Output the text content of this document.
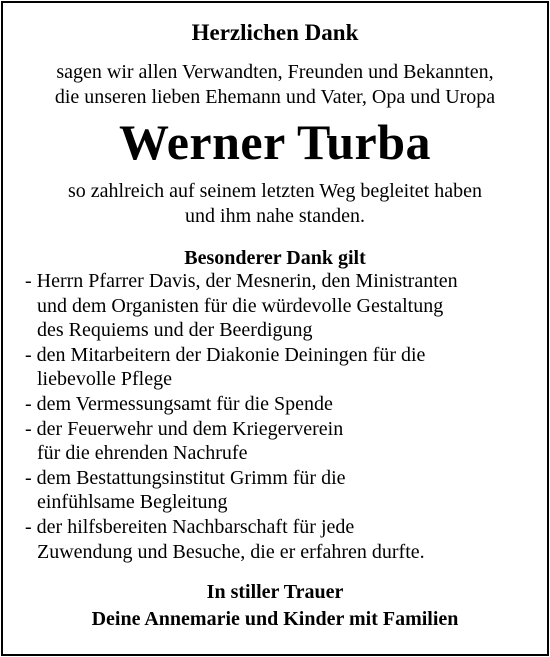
Herzlichen Dank
sagen wir allen Verwandten, Freunden und Bekannten,
die unseren lieben Ehemann und Vater, Opa und Uropa
Werner Turba
so zahlreich auf seinem letzten Weg begleitet haben
und ihm nahe standen.
Besonderer Dank gilt
- Herrn Pfarrer Davis, der Mesnerin, den Ministranten
und dem Organisten für die würdevolle Gestaltung
des Requiems und der Beerdigung
- den Mitarbeitern der Diakonie Deiningen für die
liebevolle Pflege
- dem Vermessungsamt für die Spende
- der Feuerwehr und dem Kriegerverein
für die ehrenden Nachrufe
- dem Bestattungsinstitut Grimm für die
einfühlsame Begleitung
- der hilfsbereiten Nachbarschaft für jede
Zuwendung und Besuche, die er erfahren durfte.
In stiller Trauer
Deine Annemarie und Kinder mit Familien
